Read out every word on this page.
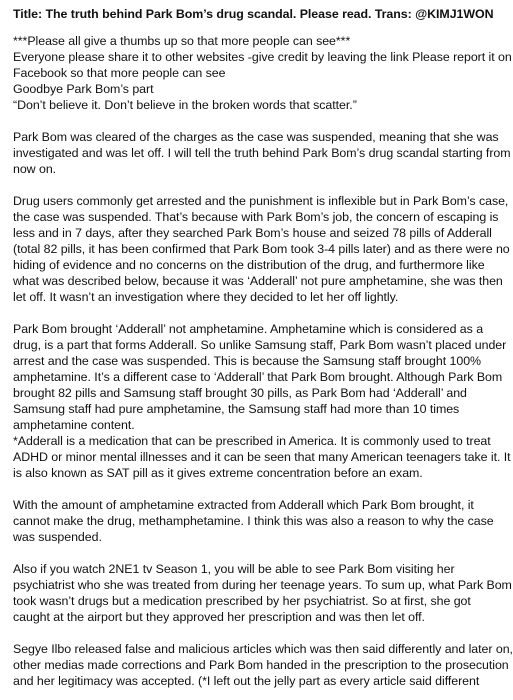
Title: The truth behind Park Bom’s drug scandal. Please read. Trans: @KIMJ1WON
***Please all give a thumbs up so that more people can see***
Everyone please share it to other websites -give credit by leaving the link Please report it on
Facebook so that more people can see
Goodbye Park Bom’s part
“Don’t believe it. Don’t believe in the broken words that scatter.”
Park Bom was cleared of the charges as the case was suspended, meaning that she was
investigated and was let off. I will tell the truth behind Park Bom’s drug scandal starting from
now on.
Drug users commonly get arrested and the punishment is inflexible but in Park Bom’s case,
the case was suspended. That’s because with Park Bom’s job, the concern of escaping is
less and in 7 days, after they searched Park Bom’s house and seized 78 pills of Adderall
(total 82 pills, it has been confirmed that Park Bom took 3-4 pills later) and as there were no
hiding of evidence and no concerns on the distribution of the drug, and furthermore like
what was described below, because it was ‘Adderall’ not pure amphetamine, she was then
let off. It wasn’t an investigation where they decided to let her off lightly.
Park Bom brought ‘Adderall’ not amphetamine. Amphetamine which is considered as a
drug, is a part that forms Adderall. So unlike Samsung staff, Park Bom wasn’t placed under
arrest and the case was suspended. This is because the Samsung staff brought 100%
amphetamine. It’s a different case to ‘Adderall’ that Park Bom brought. Although Park Bom
brought 82 pills and Samsung staff brought 30 pills, as Park Bom had ‘Adderall’ and
Samsung staff had pure amphetamine, the Samsung staff had more than 10 times
amphetamine content.
*Adderall is a medication that can be prescribed in America. It is commonly used to treat
ADHD or minor mental illnesses and it can be seen that many American teenagers take it. It
is also known as SAT pill as it gives extreme concentration before an exam.
With the amount of amphetamine extracted from Adderall which Park Bom brought, it
cannot make the drug, methamphetamine. I think this was also a reason to why the case
was suspended.
Also if you watch 2NE1 tv Season 1, you will be able to see Park Bom visiting her
psychiatrist who she was treated from during her teenage years. To sum up, what Park Bom
took wasn’t drugs but a medication prescribed by her psychiatrist. So at first, she got
caught at the airport but they approved her prescription and was then let off.
Segye Ilbo released false and malicious articles which was then said differently and later on,
other medias made corrections and Park Bom handed in the prescription to the prosecution
and her legitimacy was accepted. (*I left out the jelly part as every article said different
